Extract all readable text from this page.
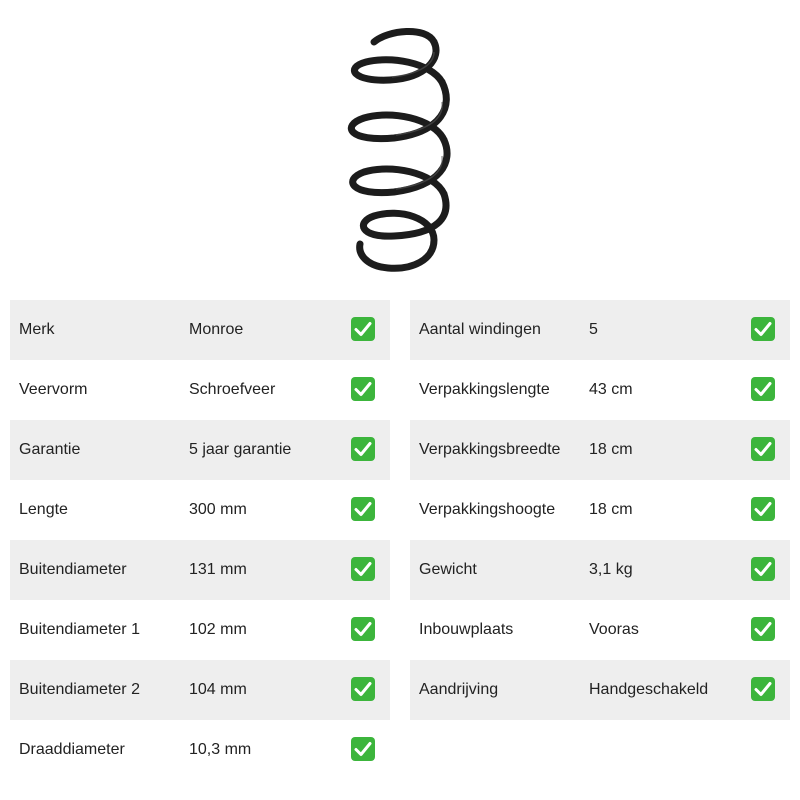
Merk	Monroe
Veervorm	Schroefveer
Garantie	5 jaar garantie
Lengte	300 mm
Buitendiameter	131 mm
Buitendiameter 1	102 mm
Buitendiameter 2	104 mm
Draaddiameter	10,3 mm
Aantal windingen	5
Verpakkingslengte 43 cm
Verpakkingsbreedte 18 cm
Verpakkingshoogte 18 cm
Gewicht	3,1 kg
Inbouwplaats	Vooras
Aandrijving	Handgeschakeld
